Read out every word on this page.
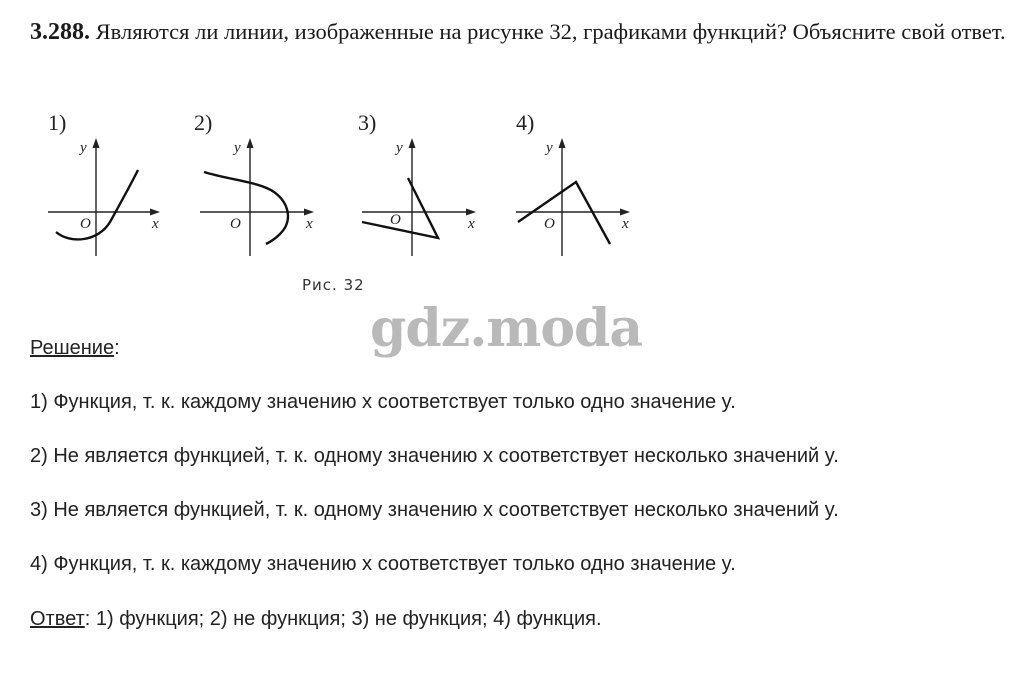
3.288. Являются ли линии, изображенные на рисунке 32, графиками функций? Объясните свой ответ.
1)
y
x
O
2)
y
x
O
3)
y
x
O
4)
y
x
O
Рис. 32
gdz.moda
Решение:
1) Функция, т. к. каждому значению x соответствует только одно значение y.
2) Не является функцией, т. к. одному значению x соответствует несколько значений y.
3) Не является функцией, т. к. одному значению x соответствует несколько значений y.
4) Функция, т. к. каждому значению x соответствует только одно значение y.
Ответ: 1) функция; 2) не функция; 3) не функция; 4) функция.
